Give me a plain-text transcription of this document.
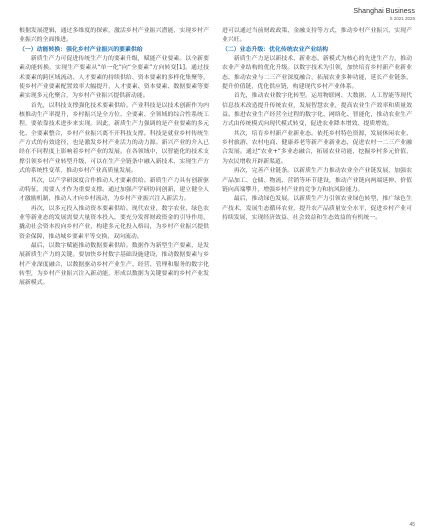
Shanghai Business
5 2021 2025

根据发展逻辑，通过多维度的探索，激活乡村产业振兴潜能，实现乡村产业振兴的全面推进。

（一）动能转换：强化乡村产业振兴的要素供给

新质生产力可促进传统生产力的要素升级，赋能产业要素。以全新要素动能转换，实现生产要素从“单一化”向“全要素”方向转变[1]。通过技术要素的跨区域流动、人才要素的持续供给、资本要素的多样化集聚等，使乡村产业要素配置效率大幅提升，人才要素、资本要素、数据要素等要素实现多元化聚合，为乡村产业振兴提供新动能。

首先，以科技支撑强化技术要素供给。产业科技是以技术创新作为内核推动生产率提升，乡村振兴是全方位、全要素、全领域的综合性系统工程，要依靠技术进步来实现。因此，新质生产力强调的是产业要素的多元化、全要素整合，乡村产业振兴离不开科技支撑。科技是就业乡村传统生产方式的有效途径，也是激发乡村产业活力的动力源。新兴产业的介入已经在不同程度上影响着乡村产业的发展。在各领域中，以智能化的技术支撑引领乡村产业转型升级，可以在生产全链条中融入新技术，实现生产方式的系统性变革，推动乡村产业高质量发展。

其次，以产学研深度合作推动人才要素供给。新质生产力具有创新驱动特征，需要人才作为重要支撑。通过加强产学研协同创新，建立健全人才激励机制，推动人才向乡村流动，为乡村产业振兴注入新活力。

再次，以多元投入推动资本要素供给。现代农业、数字农业、绿色农业等新业态的发展需要大量资本投入，要充分发挥财政资金的引导作用，撬动社会资本投向乡村产业，构建多元化投入格局，为乡村产业振兴提供资金保障，推动城乡要素平等交换、双向流动。

最后，以数字赋能推动数据要素供给。数据作为新型生产要素，是发展新质生产力的关键。要加快乡村数字基础设施建设，推动数据要素与乡村产业深度融合，以数据驱动乡村产业生产、经营、管理和服务的数字化转型，为乡村产业振兴注入新动能，形成以数据为关键要素的乡村产业发展新模式。

进可以通过当前财政政策、金融支持等方式，推动乡村产业振兴，实现产业兴旺。

（二）业态升级：优化传统农业产业结构

新质生产力是以新技术、新业态、新模式为核心的先进生产力，推动农业产业结构的优化升级。以数字技术为引领，加快培育乡村新产业新业态，推动农业与二三产业深度融合，拓展农业多种功能，延长产业链条，提升价值链，优化供应链，构建现代乡村产业体系。

首先，推动农业数字化转型。运用物联网、大数据、人工智能等现代信息技术改造提升传统农业，发展智慧农业，提高农业生产效率和质量效益。推进农业生产经营全过程的数字化、网络化、智能化，推动农业生产方式由传统模式向现代模式转变，促进农业降本增效、提质增效。

其次，培育乡村新产业新业态。依托乡村特色资源，发展休闲农业、乡村旅游、农村电商、健康养老等新产业新业态，促进农村一二三产业融合发展。通过“农业+”多业态融合，拓展农业功能，挖掘乡村多元价值，为农民增收开辟新渠道。

再次，完善产业链条。以新质生产力推动农业全产业链发展，加强农产品加工、仓储、物流、营销等环节建设，推动产业链向两端延伸、价值链向高端攀升，增强乡村产业的竞争力和抗风险能力。

最后，推动绿色发展。以新质生产力引领农业绿色转型，推广绿色生产技术，发展生态循环农业，提升农产品质量安全水平，促进乡村产业可持续发展，实现经济效益、社会效益和生态效益的有机统一。

45
